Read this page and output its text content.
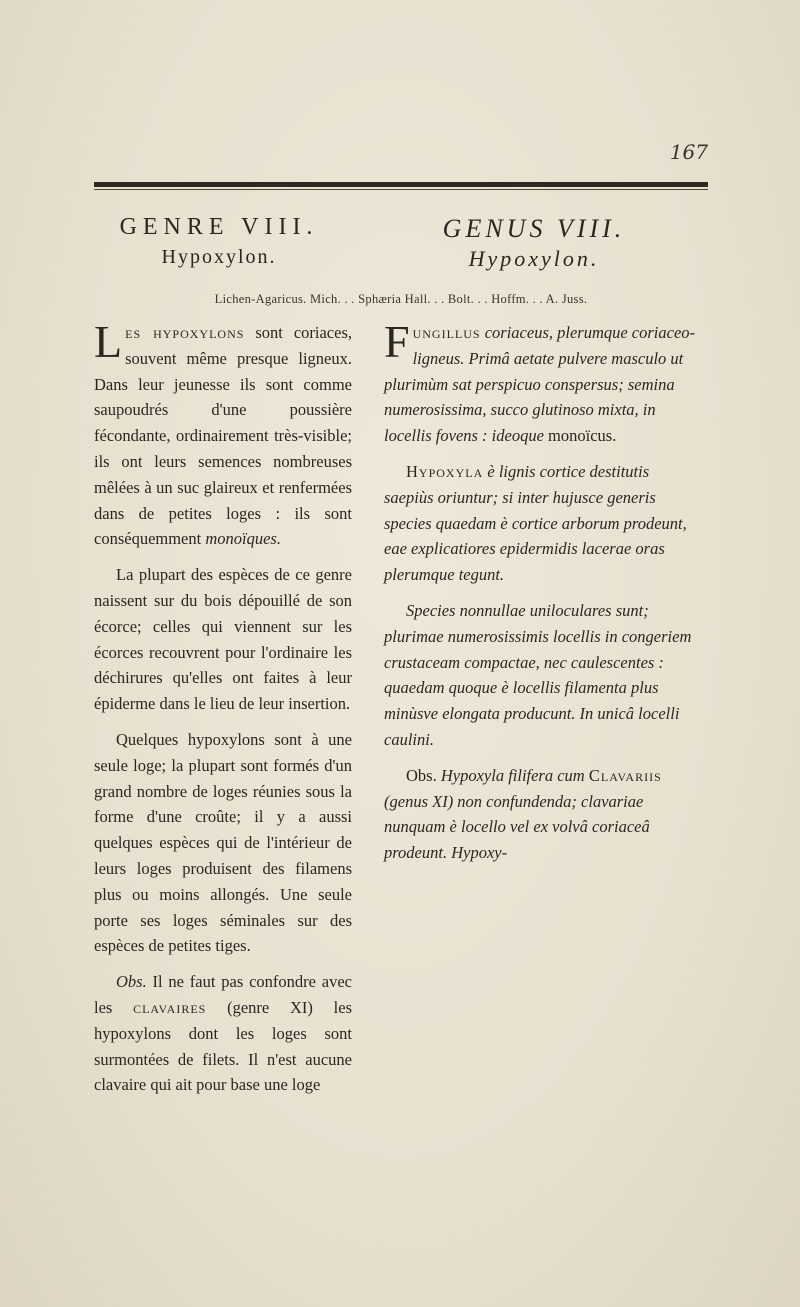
167
GENRE VIII.	GENUS VIII.
Hypoxylon.	Hypoxylon.
Lichen-Agaricus. Mich. . . Sphæria Hall. . . Bolt. . . Hoffm. . . A. Juss.

Les hypoxylons sont coriaces, souvent même presque ligneux. Dans leur jeunesse ils sont comme saupoudrés d'une poussière fécondante, ordinairement très-visible; ils ont leurs semences nombreuses mêlées à un suc glaireux et renfermées dans de petites loges : ils sont conséquemment monoïques.

La plupart des espèces de ce genre naissent sur du bois dépouillé de son écorce; celles qui viennent sur les écorces recouvrent pour l'ordinaire les déchirures qu'elles ont faites à leur épiderme dans le lieu de leur insertion.

Quelques hypoxylons sont à une seule loge; la plupart sont formés d'un grand nombre de loges réunies sous la forme d'une croûte; il y a aussi quelques espèces qui de l'intérieur de leurs loges produisent des filamens plus ou moins allongés. Une seule porte ses loges séminales sur des espèces de petites tiges.

Obs. Il ne faut pas confondre avec les clavaires (genre XI) les hypoxylons dont les loges sont surmontées de filets. Il n'est aucune clavaire qui ait pour base une loge

Fungillus coriaceus, plerumque coriaceo-ligneus. Primâ aetate pulvere masculo ut plurimùm sat perspicuo conspersus; semina numerosissima, succo glutinoso mixta, in locellis fovens : ideoque monoïcus.

Hypoxyla è lignis cortice destitutis saepiùs oriuntur; si inter hujusce generis species quaedam è cortice arborum prodeunt, eae explicatiores epidermidis lacerae oras plerumque tegunt.

Species nonnullae uniloculares sunt; plurimae numerosissimis locellis in congeriem crustaceam compactae, nec caulescentes : quaedam quoque è locellis filamenta plus minùsve elongata producunt. In unicâ locelli caulini.

Obs. Hypoxyla filifera cum Clavariis (genus XI) non confundenda; clavariae nunquam è locello vel ex volvâ coriaceâ prodeunt. Hypoxy-
